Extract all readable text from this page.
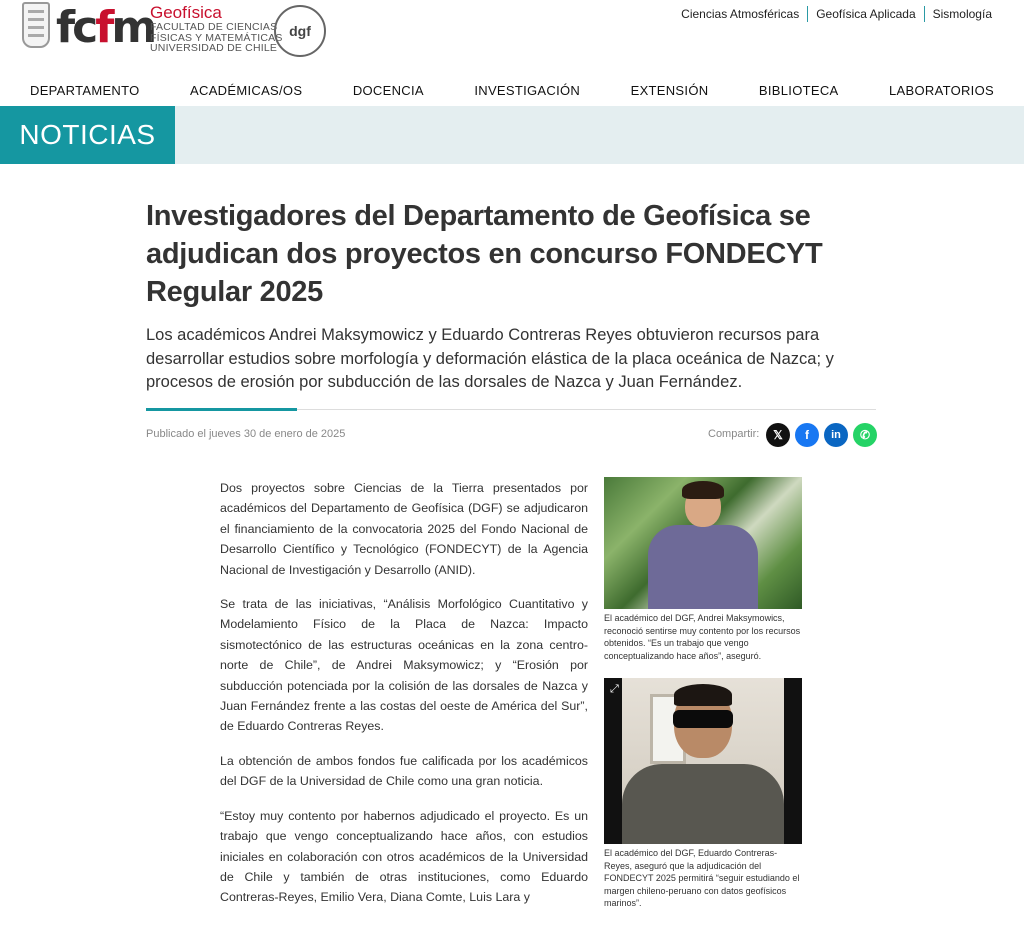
fcfm
Geofísica
FACULTAD DE CIENCIAS
FÍSICAS Y MATEMÁTICAS
UNIVERSIDAD DE CHILE
dgf
Ciencias Atmosféricas	Geofísica Aplicada	Sismología
DEPARTAMENTO	ACADÉMICAS/OS	DOCENCIA	INVESTIGACIÓN	EXTENSIÓN	BIBLIOTECA	LABORATORIOS
NOTICIAS
Investigadores del Departamento de Geofísica se adjudican dos proyectos en concurso FONDECYT Regular 2025

Los académicos Andrei Maksymowicz y Eduardo Contreras Reyes obtuvieron recursos para desarrollar estudios sobre morfología y deformación elástica de la placa oceánica de Nazca; y procesos de erosión por subducción de las dorsales de Nazca y Juan Fernández.

Publicado el jueves 30 de enero de 2025	Compartir:	𝕏	f	in	✆

Dos proyectos sobre Ciencias de la Tierra presentados por académicos del Departamento de Geofísica (DGF) se adjudicaron el financiamiento de la convocatoria 2025 del Fondo Nacional de Desarrollo Científico y Tecnológico (FONDECYT) de la Agencia Nacional de Investigación y Desarrollo (ANID).

Se trata de las iniciativas, “Análisis Morfológico Cuantitativo y Modelamiento Físico de la Placa de Nazca: Impacto sismotectónico de las estructuras oceánicas en la zona centro-norte de Chile”, de Andrei Maksymowicz; y “Erosión por subducción potenciada por la colisión de las dorsales de Nazca y Juan Fernández frente a las costas del oeste de América del Sur”, de Eduardo Contreras Reyes.

La obtención de ambos fondos fue calificada por los académicos del DGF de la Universidad de Chile como una gran noticia.

“Estoy muy contento por habernos adjudicado el proyecto. Es un trabajo que vengo conceptualizando hace años, con estudios iniciales en colaboración con otros académicos de la Universidad de Chile y también de otras instituciones, como Eduardo Contreras-Reyes, Emilio Vera, Diana Comte, Luis Lara y

El académico del DGF, Andrei Maksymowics, reconoció sentirse muy contento por los recursos obtenidos. “Es un trabajo que vengo conceptualizando hace años”, aseguró.
⤢
El académico del DGF, Eduardo Contreras-Reyes, aseguró que la adjudicación del FONDECYT 2025 permitirá “seguir estudiando el margen chileno-peruano con datos geofísicos marinos”.
